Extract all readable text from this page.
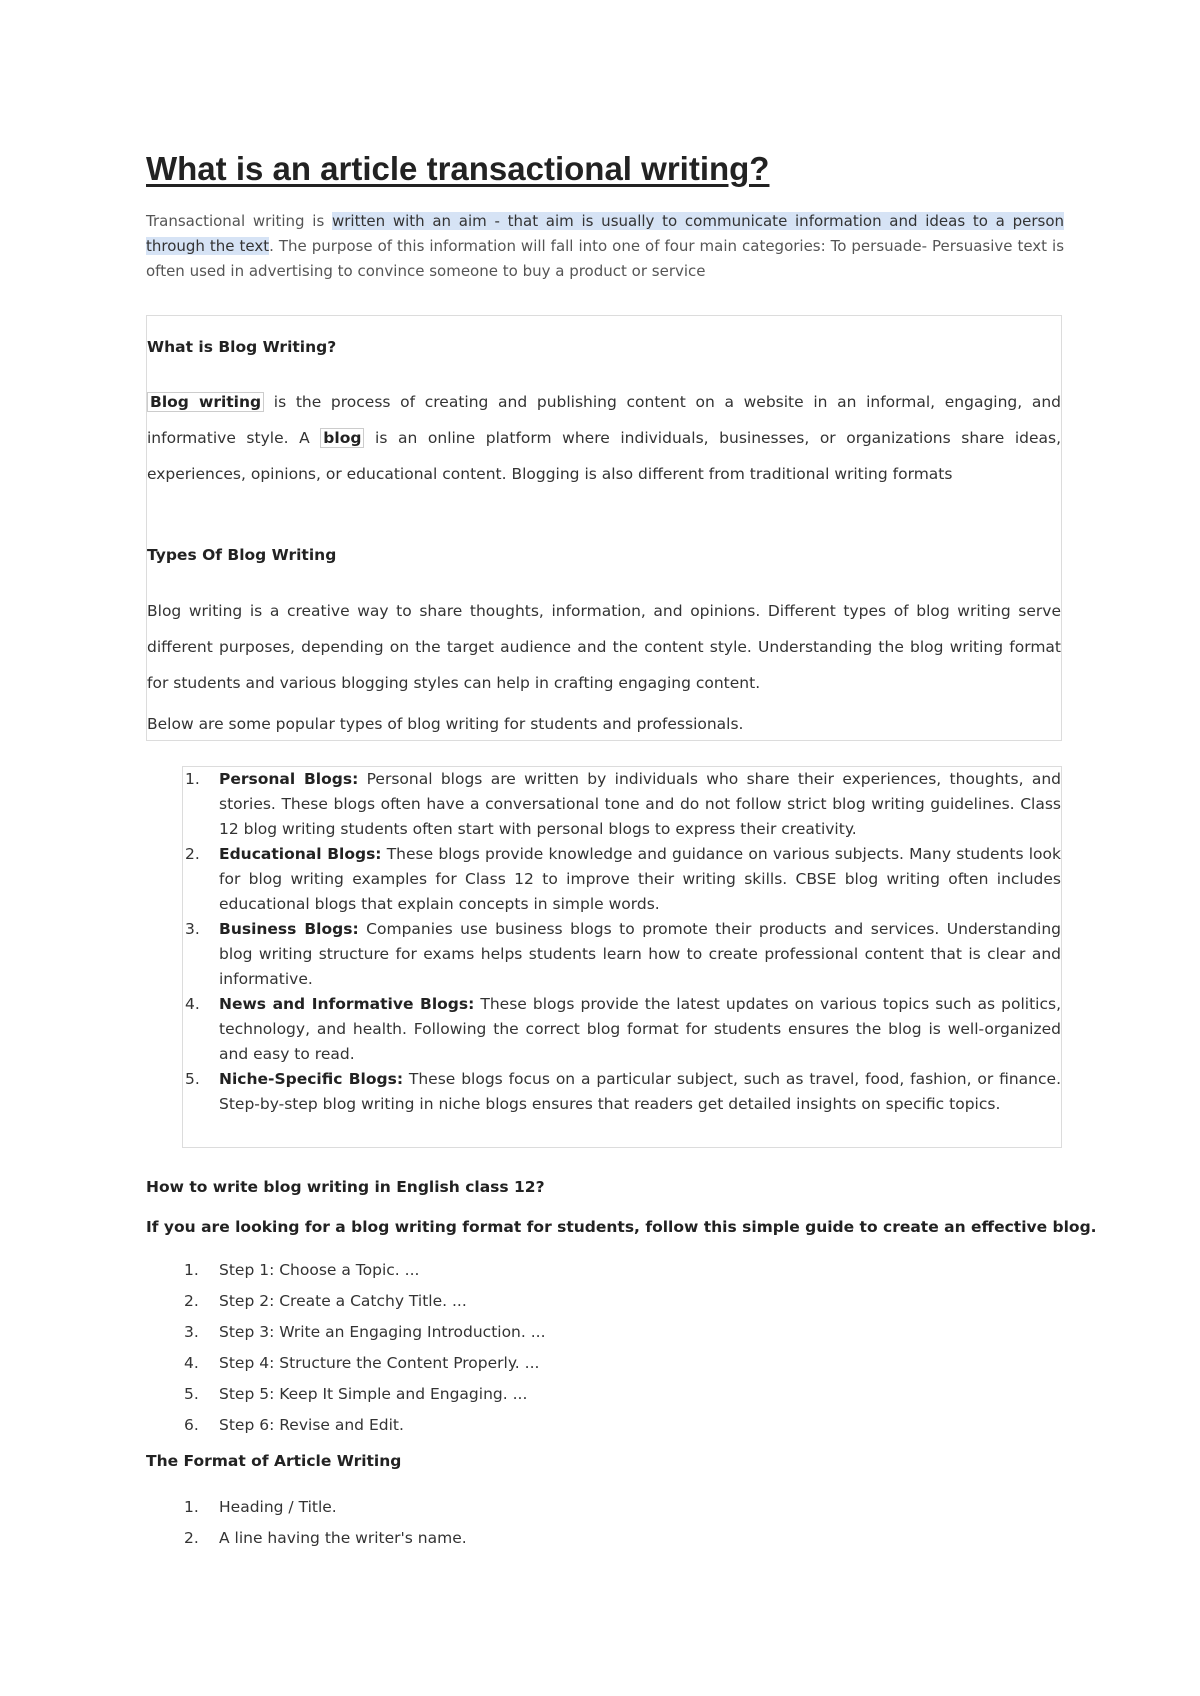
What is an article transactional writing?

Transactional writing is written with an aim - that aim is usually to communicate information and ideas to a person through the text. The purpose of this information will fall into one of four main categories: To persuade- Persuasive text is often used in advertising to convince someone to buy a product or service

What is Blog Writing?

Blog writing is the process of creating and publishing content on a website in an informal, engaging, and informative style. A blog is an online platform where individuals, businesses, or organizations share ideas, experiences, opinions, or educational content. Blogging is also different from traditional writing formats

Types Of Blog Writing

Blog writing is a creative way to share thoughts, information, and opinions. Different types of blog writing serve different purposes, depending on the target audience and the content style. Understanding the blog writing format for students and various blogging styles can help in crafting engaging content.

Below are some popular types of blog writing for students and professionals.

1. Personal Blogs: Personal blogs are written by individuals who share their experiences, thoughts, and stories. These blogs often have a conversational tone and do not follow strict blog writing guidelines. Class 12 blog writing students often start with personal blogs to express their creativity.
2. Educational Blogs: These blogs provide knowledge and guidance on various subjects. Many students look for blog writing examples for Class 12 to improve their writing skills. CBSE blog writing often includes educational blogs that explain concepts in simple words.
3. Business Blogs: Companies use business blogs to promote their products and services. Understanding blog writing structure for exams helps students learn how to create professional content that is clear and informative.
4. News and Informative Blogs: These blogs provide the latest updates on various topics such as politics, technology, and health. Following the correct blog format for students ensures the blog is well-organized and easy to read.
5. Niche-Specific Blogs: These blogs focus on a particular subject, such as travel, food, fashion, or finance. Step-by-step blog writing in niche blogs ensures that readers get detailed insights on specific topics.

How to write blog writing in English class 12?

If you are looking for a blog writing format for students, follow this simple guide to create an effective blog.

1. Step 1: Choose a Topic. ...
2. Step 2: Create a Catchy Title. ...
3. Step 3: Write an Engaging Introduction. ...
4. Step 4: Structure the Content Properly. ...
5. Step 5: Keep It Simple and Engaging. ...
6. Step 6: Revise and Edit.

The Format of Article Writing

1. Heading / Title.
2. A line having the writer's name.
